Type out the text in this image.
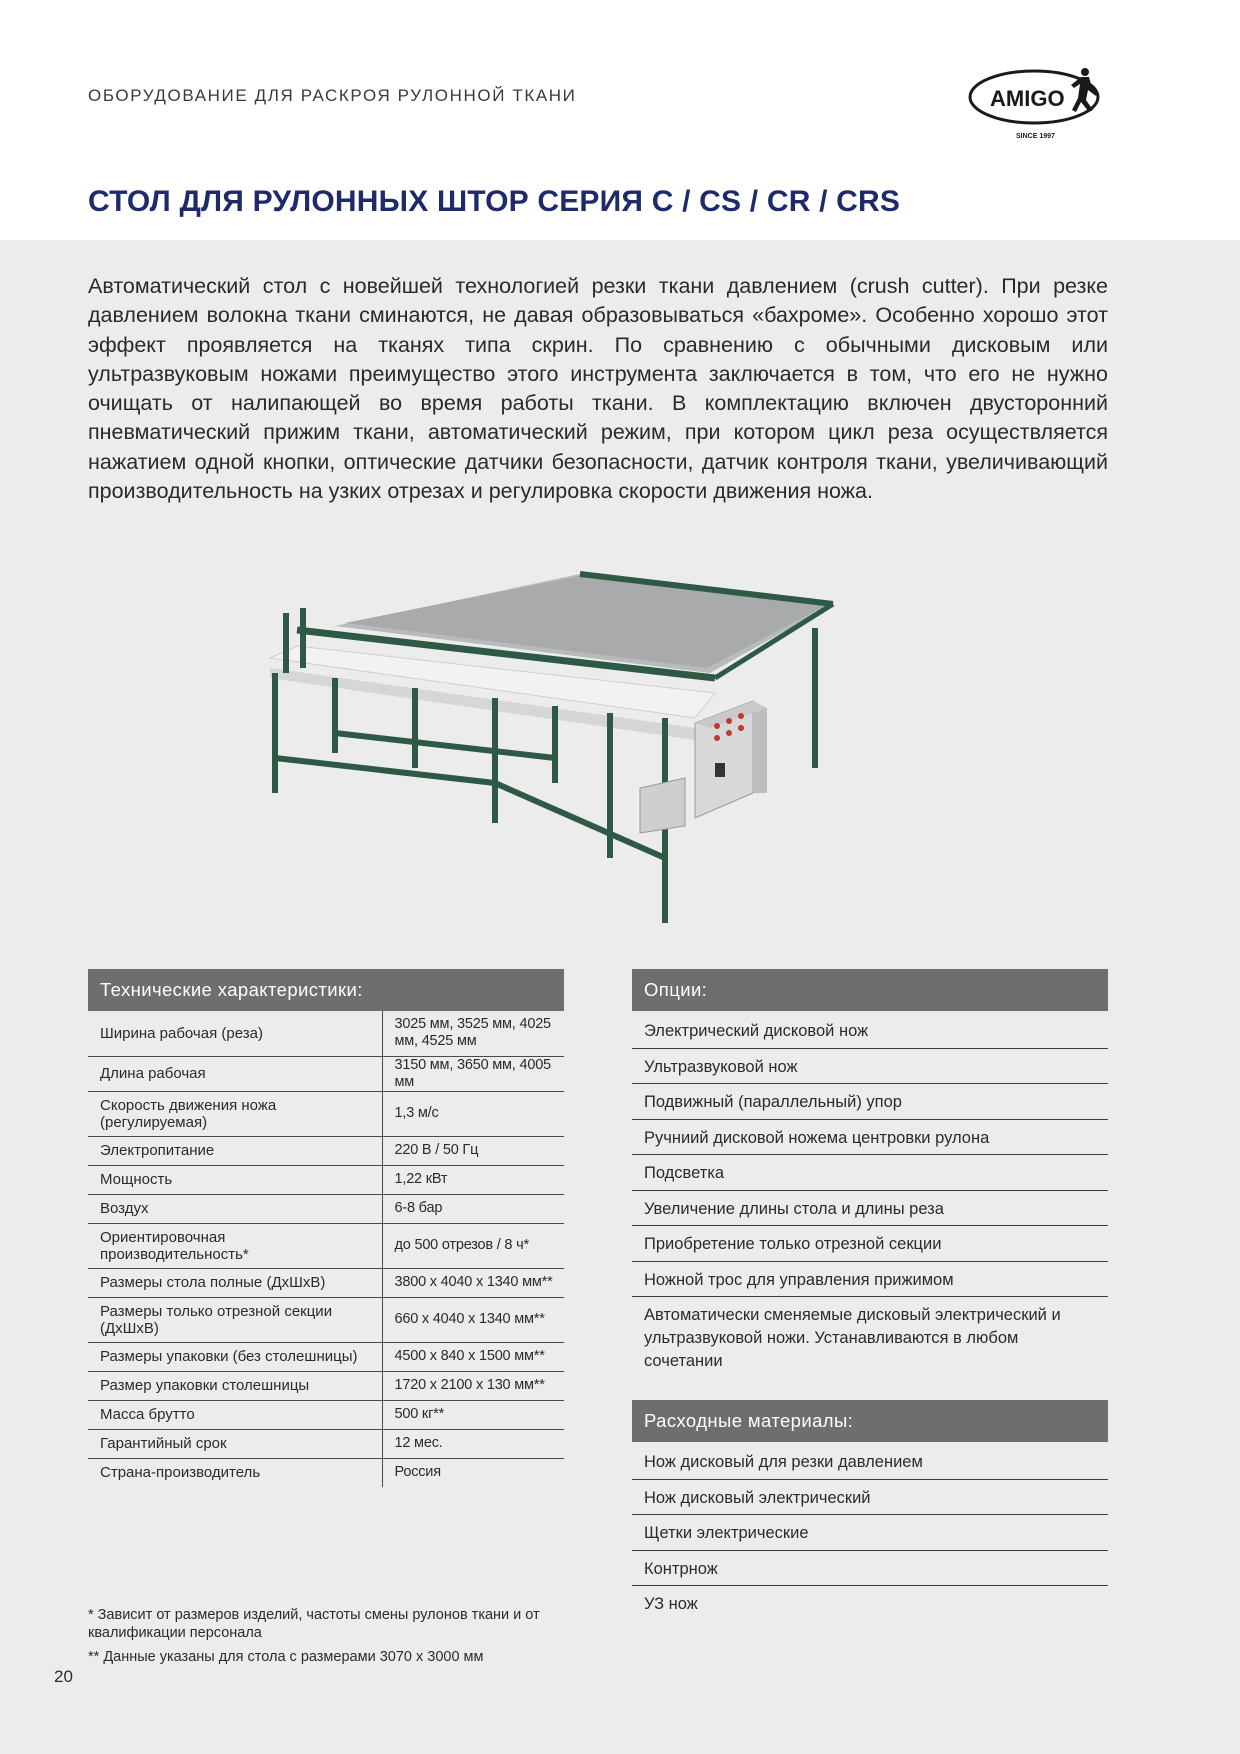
ОБОРУДОВАНИЕ ДЛЯ РАСКРОЯ РУЛОННОЙ ТКАНИ	AMIGO
SINCE 1997
СТОЛ ДЛЯ РУЛОННЫХ ШТОР СЕРИЯ C / CS / CR / CRS

Автоматический стол с новейшей технологией резки ткани давлением (crush cutter). При резке давлением волокна ткани сминаются, не давая образовываться «бахроме». Особенно хорошо этот эффект проявляется на тканях типа скрин. По сравнению с обычными дисковым или ультразвуковым ножами преимущество этого инструмента заключается в том, что его не нужно очищать от налипающей во время работы ткани. В комплектацию включен двусторонний пневматический прижим ткани, автоматический режим, при котором цикл реза осуществляется нажатием одной кнопки, оптические датчики безопасности, датчик контроля ткани, увеличивающий производительность на узких отрезах и регулировка скорости движения ножа.

Технические характеристики:
Ширина рабочая (реза)	3025 мм, 3525 мм, 4025 мм, 4525 мм
Длина рабочая	3150 мм, 3650 мм, 4005 мм
Скорость движения ножа (регулируемая)	1,3 м/с
Электропитание	220 В / 50 Гц
Мощность	1,22 кВт
Воздух	6-8 бар
Ориентировочная производительность*	до 500 отрезов / 8 ч*
Размеры стола полные (ДхШхВ)	3800 х 4040 х 1340 мм**
Размеры только отрезной секции (ДхШхВ)	660 х 4040 х 1340 мм**
Размеры упаковки (без столешницы)	4500 х 840 х 1500 мм**
Размер упаковки столешницы	1720 х 2100 х 130 мм**
Масса брутто	500 кг**
Гарантийный срок	12 мес.
Страна-производитель	Россия
Опции:
Электрический дисковой нож
Ультразвуковой нож
Подвижный (параллельный) упор
Ручниий дисковой ножема центровки рулона
Подсветка
Увеличение длины стола и длины реза
Приобретение только отрезной секции
Ножной трос для управления прижимом
Автоматически сменяемые дисковый электрический и ультразвуковой ножи. Устанавливаются в любом сочетании
Расходные материалы:
Нож дисковый для резки давлением
Нож дисковый электрический
Щетки электрические
Контрнож
УЗ нож

* Зависит от размеров изделий, частоты смены рулонов ткани и от квалификации персонала

** Данные указаны для стола с размерами 3070 х 3000 мм

20
